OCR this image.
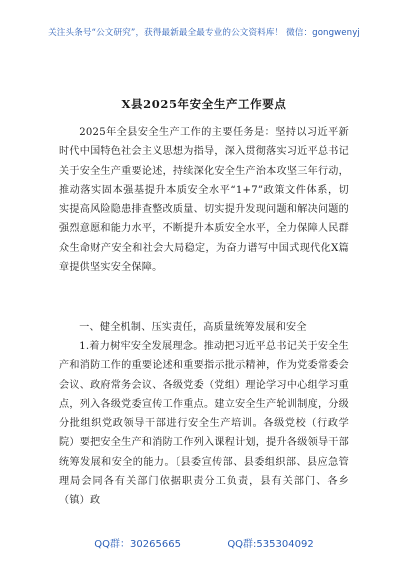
关注头条号“公文研究”，获得最新最全最专业的公文资料库！ 微信：gongwenyj
X县2025年安全生产工作要点

2025年全县安全生产工作的主要任务是：坚持以习近平新时代中国特色社会主义思想为指导，深入贯彻落实习近平总书记关于安全生产重要论述，持续深化安全生产治本攻坚三年行动，推动落实固本强基提升本质安全水平“1+7”政策文件体系，切实提高风险隐患排查整改质量、切实提升发现问题和解决问题的强烈意愿和能力水平，不断提升本质安全水平，全力保障人民群众生命财产安全和社会大局稳定，为奋力谱写中国式现代化X篇章提供坚实安全保障。

一、健全机制、压实责任，高质量统筹发展和安全

1.着力树牢安全发展理念。推动把习近平总书记关于安全生产和消防工作的重要论述和重要指示批示精神，作为党委常委会会议、政府常务会议、各级党委（党组）理论学习中心组学习重点，列入各级党委宣传工作重点。建立安全生产轮训制度，分级分批组织党政领导干部进行安全生产培训。各级党校（行政学院）要把安全生产和消防工作列入课程计划，提升各级领导干部统筹发展和安全的能力。〔县委宣传部、县委组织部、县应急管理局会同各有关部门依据职责分工负责，县有关部门、各乡（镇）政

QQ群：30265665	QQ群:535304092
